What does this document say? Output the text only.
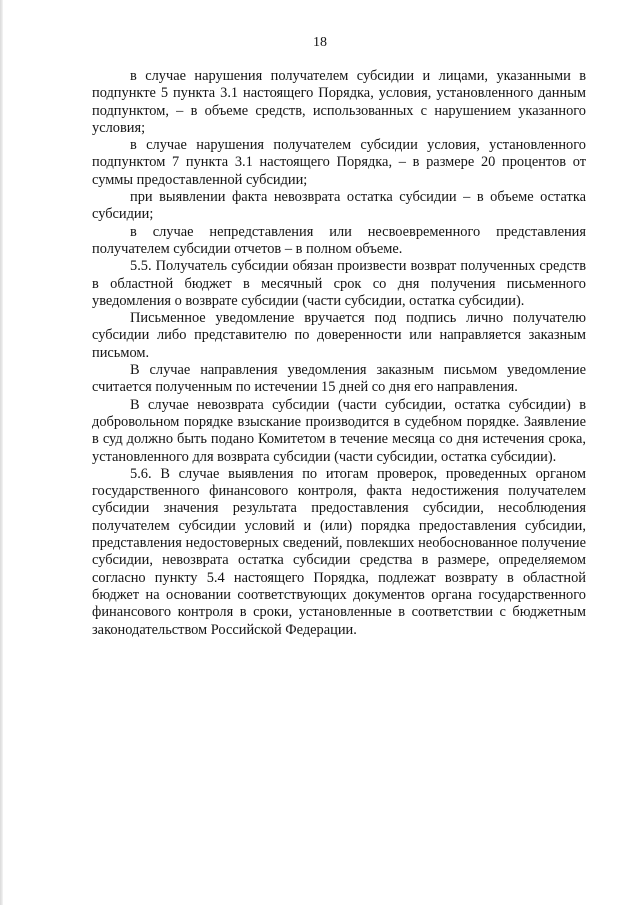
18

в случае нарушения получателем субсидии и лицами, указанными в подпункте 5 пункта 3.1 настоящего Порядка, условия, установленного данным подпунктом, – в объеме средств, использованных с нарушением указанного условия;

в случае нарушения получателем субсидии условия, установленного подпунктом 7 пункта 3.1 настоящего Порядка, – в размере 20 процентов от суммы предоставленной субсидии;

при выявлении факта невозврата остатка субсидии – в объеме остатка субсидии;

в случае непредставления или несвоевременного представления получателем субсидии отчетов – в полном объеме.

5.5. Получатель субсидии обязан произвести возврат полученных средств в областной бюджет в месячный срок со дня получения письменного уведомления о возврате субсидии (части субсидии, остатка субсидии).

Письменное уведомление вручается под подпись лично получателю субсидии либо представителю по доверенности или направляется заказным письмом.

В случае направления уведомления заказным письмом уведомление считается полученным по истечении 15 дней со дня его направления.

В случае невозврата субсидии (части субсидии, остатка субсидии) в добровольном порядке взыскание производится в судебном порядке. Заявление в суд должно быть подано Комитетом в течение месяца со дня истечения срока, установленного для возврата субсидии (части субсидии, остатка субсидии).

5.6. В случае выявления по итогам проверок, проведенных органом государственного финансового контроля, факта недостижения получателем субсидии значения результата предоставления субсидии, несоблюдения получателем субсидии условий и (или) порядка предоставления субсидии, представления недостоверных сведений, повлекших необоснованное получение субсидии, невозврата остатка субсидии средства в размере, определяемом согласно пункту 5.4 настоящего Порядка, подлежат возврату в областной бюджет на основании соответствующих документов органа государственного финансового контроля в сроки, установленные в соответствии с бюджетным законодательством Российской Федерации.
